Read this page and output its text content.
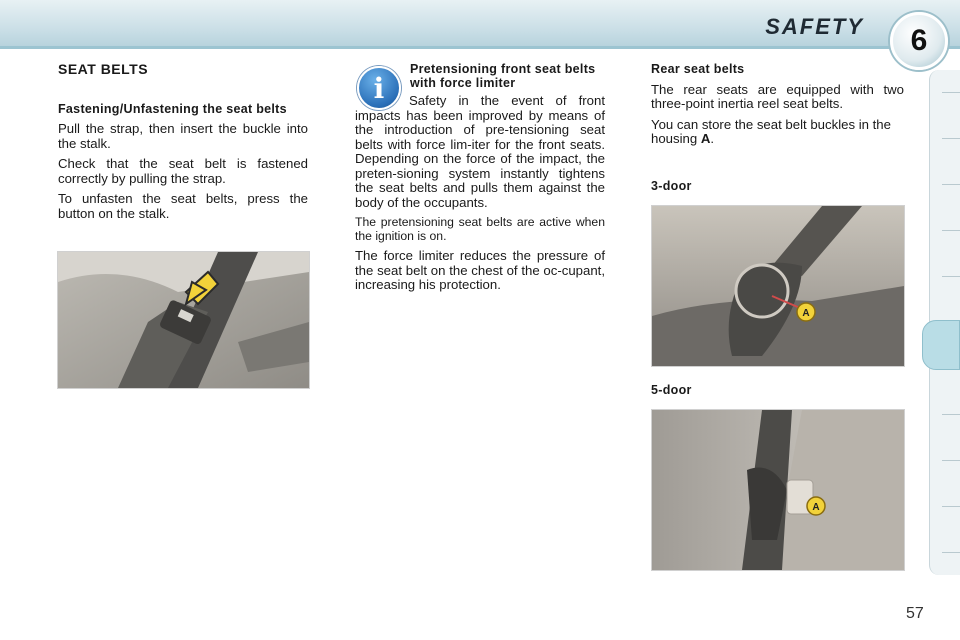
SAFETY	6
SEAT BELTS
Fastening/Unfastening the seat belts

Pull the strap, then insert the buckle into the stalk.

Check that the seat belt is fastened correctly by pulling the strap.

To unfasten the seat belts, press the button on the stalk.

i
Pretensioning front seat belts with force limiter

Safety in the event of front impacts has been improved by means of the introduction of pre-tensioning seat belts with force lim-iter for the front seats. Depending on the force of the impact, the preten-sioning system instantly tightens the seat belts and pulls them against the body of the occupants.

The pretensioning seat belts are active when the ignition is on.

The force limiter reduces the pressure of the seat belt on the chest of the oc-cupant, increasing his protection.

Rear seat belts

The rear seats are equipped with two three-point inertia reel seat belts.

You can store the seat belt buckles in the housing A.

3-door
A
5-door
A
57
